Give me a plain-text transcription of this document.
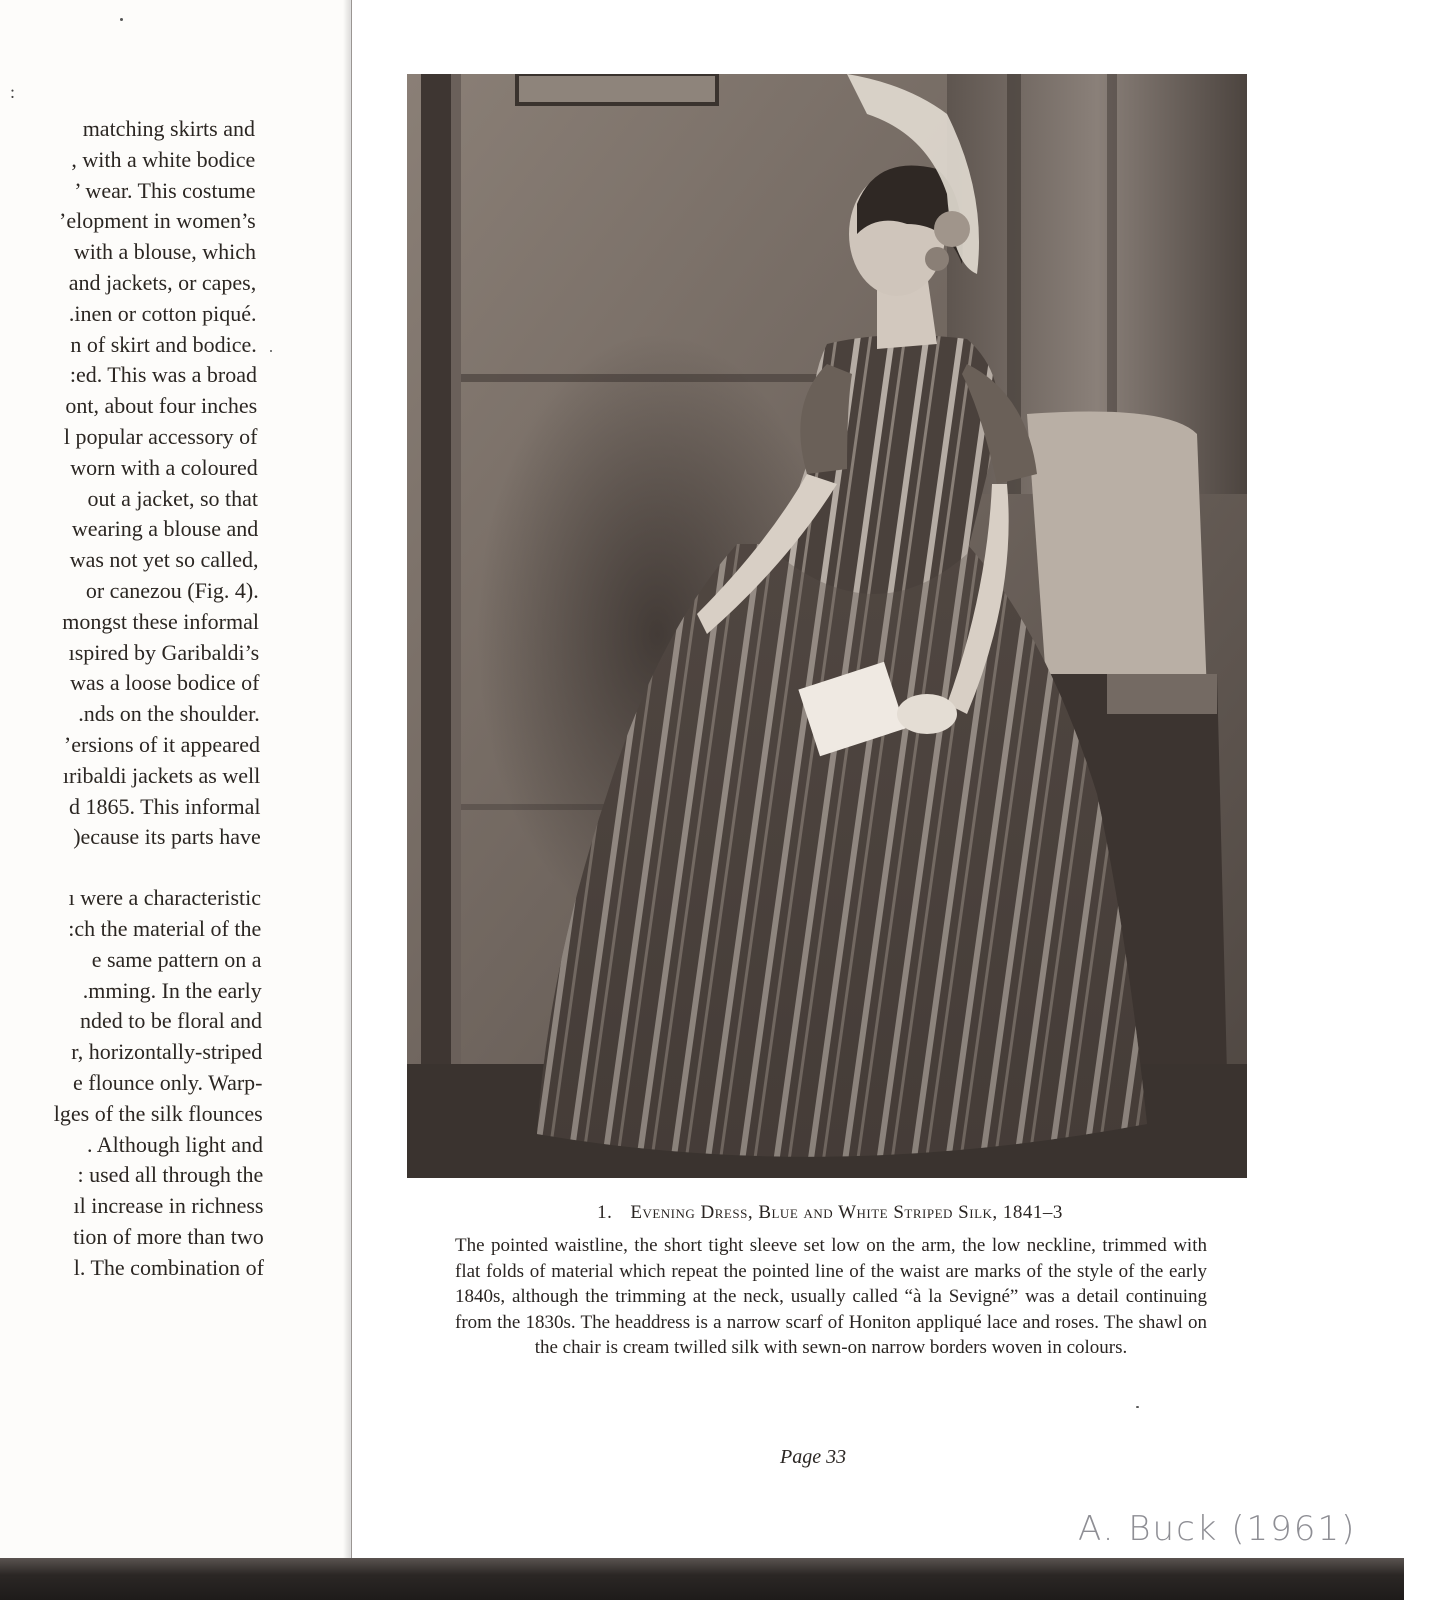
:
matching skirts and
, with a white bodice
’ wear. This costume
’elopment in women’s
with a blouse, which
and jackets, or capes,
.inen or cotton piqué.
n of skirt and bodice.
:ed. This was a broad
ont, about four inches
l popular accessory of
worn with a coloured
out a jacket, so that
wearing a blouse and
was not yet so called,
or canezou (Fig. 4).
mongst these informal
ıspired by Garibaldi’s
was a loose bodice of
.nds on the shoulder.
’ersions of it appeared
ıribaldi jackets as well
d 1865. This informal
)ecause its parts have
ı were a characteristic
:ch the material of the
e same pattern on a
.mming. In the early
nded to be floral and
r, horizontally-striped
e flounce only. Warp-
lges of the silk flounces
. Although light and
: used all through the
ıl increase in richness
tion of more than two
l. The combination of
1. Evening Dress, Blue and White Striped Silk, 1841–3
The pointed waistline, the short tight sleeve set low on the arm, the low neckline, trimmed with flat folds of material which repeat the pointed line of the waist are marks of the style of the early 1840s, although the trimming at the neck, usually called “à la Sevigné” was a detail continuing from the 1830s. The headdress is a narrow scarf of Honiton appliqué lace and roses. The shawl on the chair is cream twilled silk with sewn-on narrow borders woven in colours.
Page 33
A. Buck (1961)
